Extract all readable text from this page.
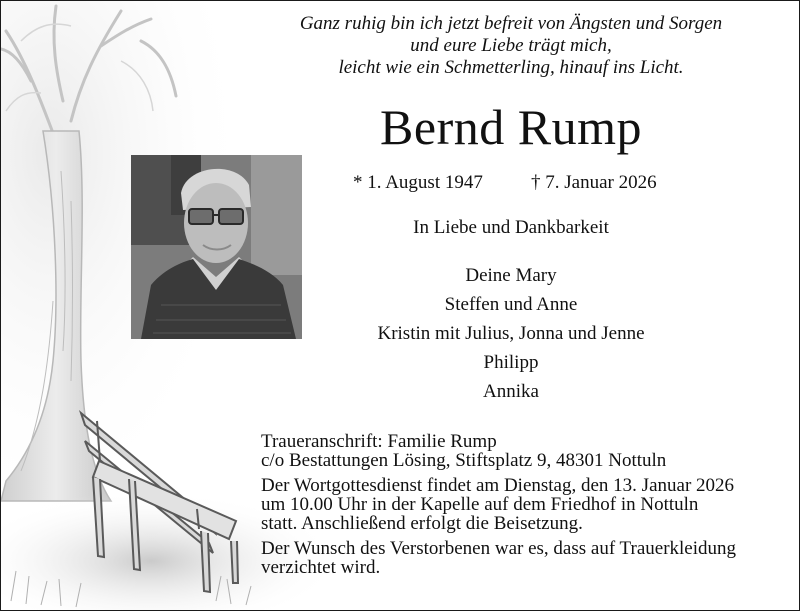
Ganz ruhig bin ich jetzt befreit von Ängsten und Sorgen
und eure Liebe trägt mich,
leicht wie ein Schmetterling, hinauf ins Licht.
Bernd Rump
* 1. August 1947	† 7. Januar 2026
In Liebe und Dankbarkeit
Deine Mary
Steffen und Anne
Kristin mit Julius, Jonna und Jenne
Philipp
Annika
Traueranschrift: Familie Rump
c/o Bestattungen Lösing, Stiftsplatz 9, 48301 Nottuln
Der Wortgottesdienst findet am Dienstag, den 13. Januar 2026
um 10.00 Uhr in der Kapelle auf dem Friedhof in Nottuln
statt. Anschließend erfolgt die Beisetzung.
Der Wunsch des Verstorbenen war es, dass auf Trauerkleidung
verzichtet wird.
